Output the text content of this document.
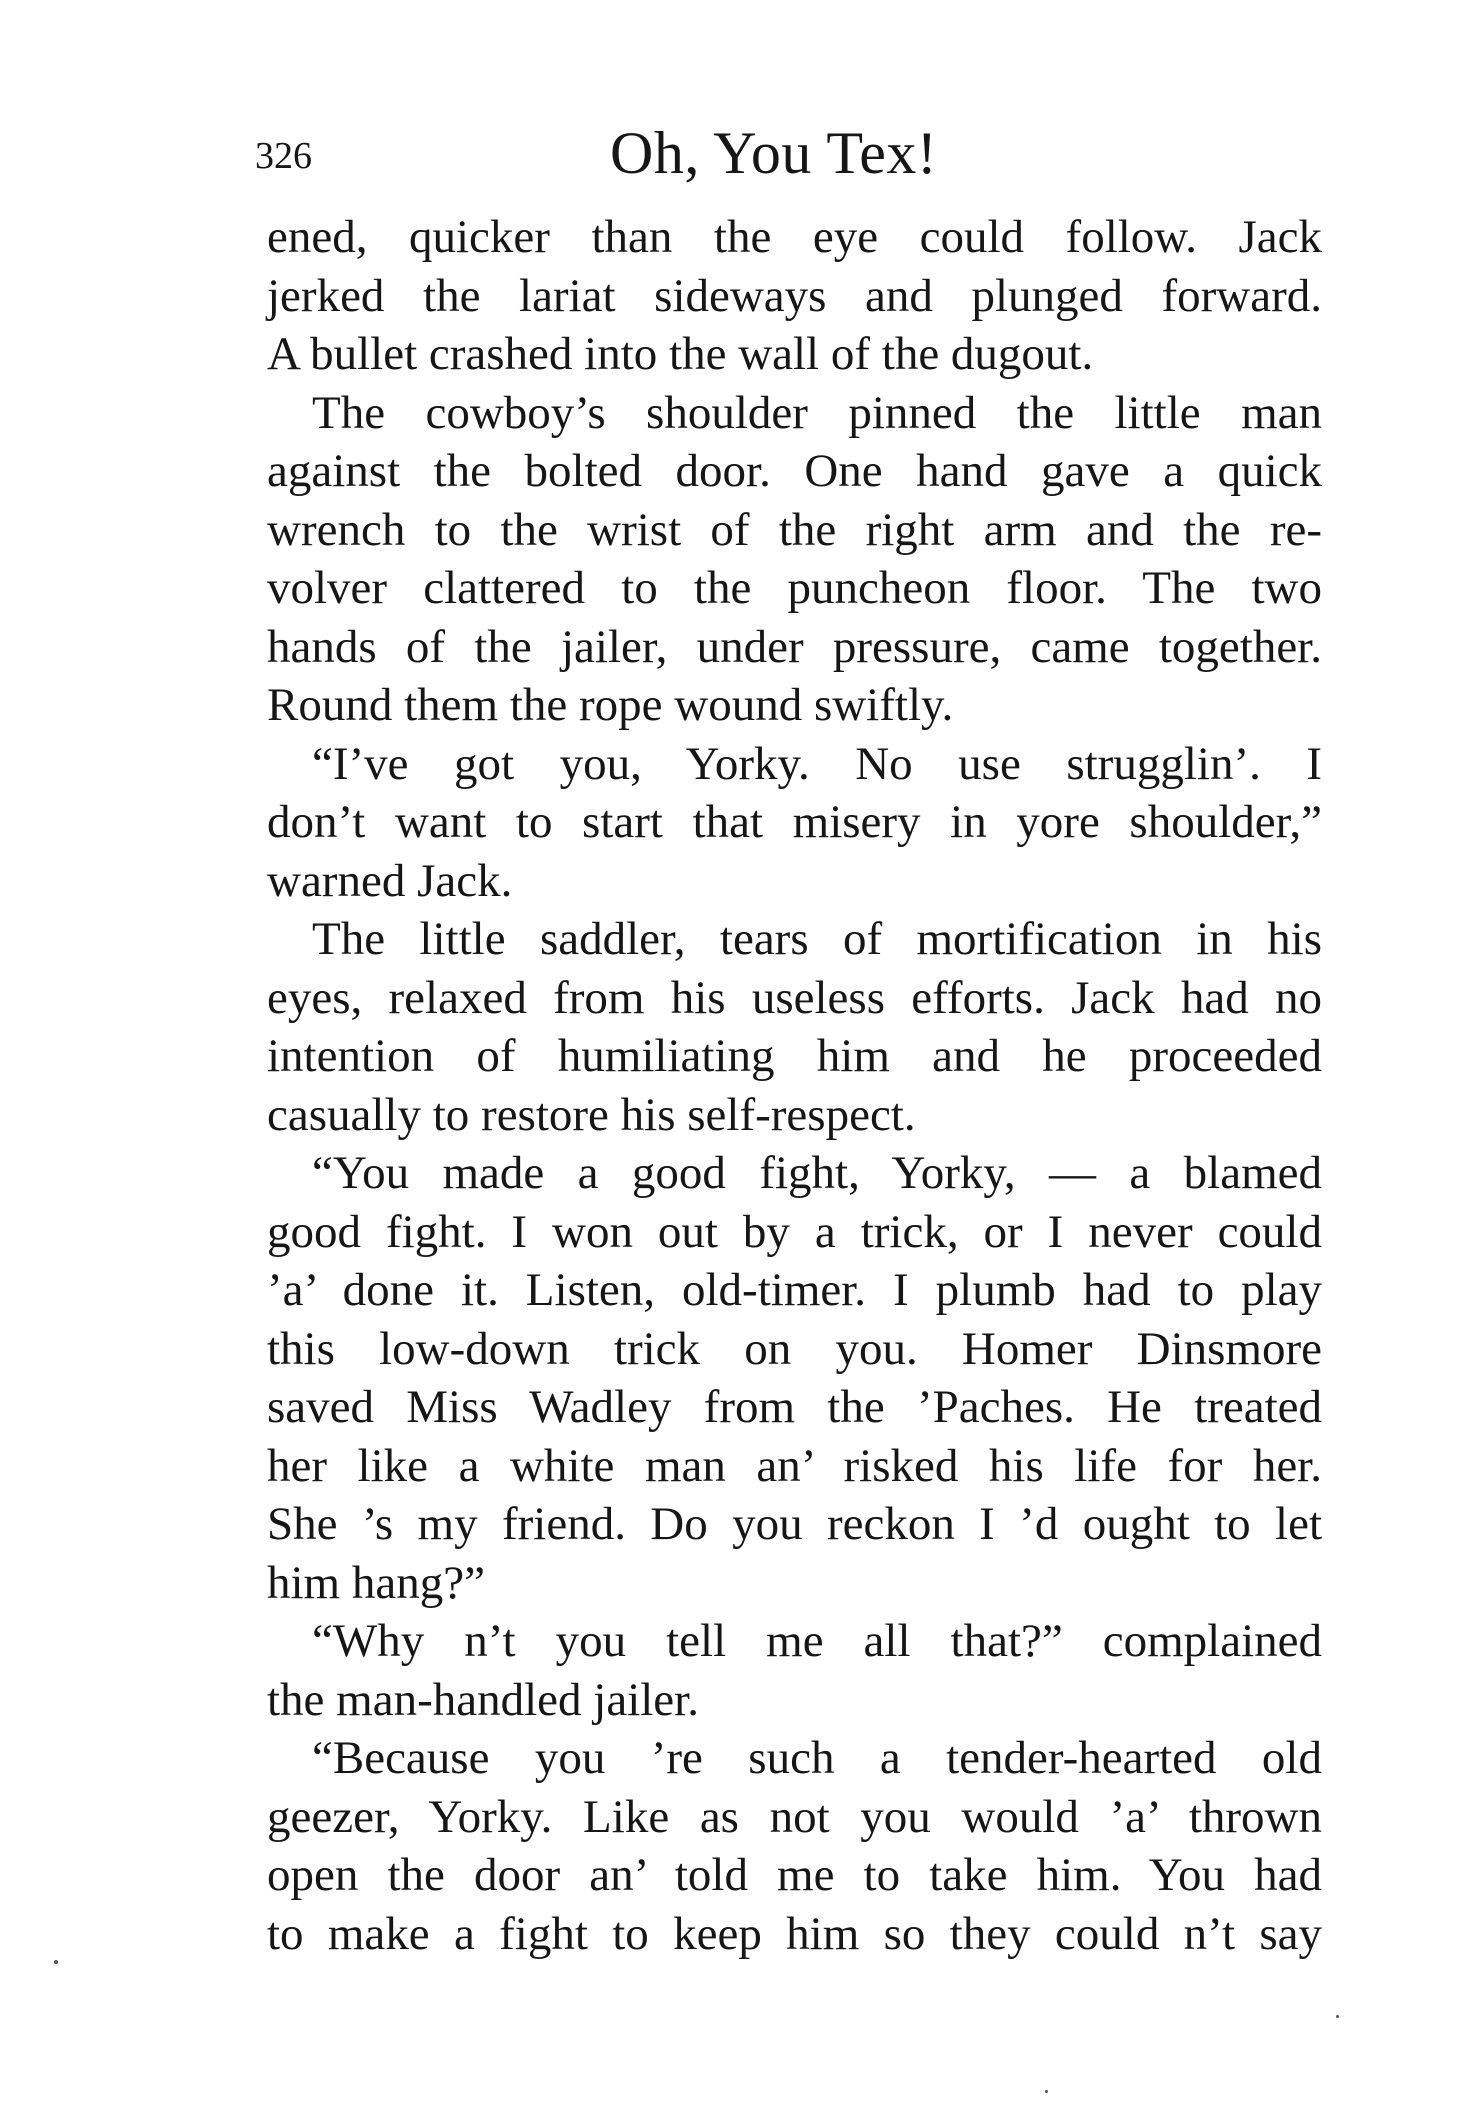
326	Oh, You Tex!
ened, quicker than the eye could follow. Jack
jerked the lariat sideways and plunged forward.
A bullet crashed into the wall of the dugout.
The cowboy’s shoulder pinned the little man
against the bolted door. One hand gave a quick
wrench to the wrist of the right arm and the re-
volver clattered to the puncheon floor. The two
hands of the jailer, under pressure, came together.
Round them the rope wound swiftly.
“I’ve got you, Yorky. No use strugglin’. I
don’t want to start that misery in yore shoulder,”
warned Jack.
The little saddler, tears of mortification in his
eyes, relaxed from his useless efforts. Jack had no
intention of humiliating him and he proceeded
casually to restore his self-respect.
“You made a good fight, Yorky, — a blamed
good fight. I won out by a trick, or I never could
’a’ done it. Listen, old-timer. I plumb had to play
this low-down trick on you. Homer Dinsmore
saved Miss Wadley from the ’Paches. He treated
her like a white man an’ risked his life for her.
She ’s my friend. Do you reckon I ’d ought to let
him hang?”
“Why n’t you tell me all that?” complained
the man-handled jailer.
“Because you ’re such a tender-hearted old
geezer, Yorky. Like as not you would ’a’ thrown
open the door an’ told me to take him. You had
to make a fight to keep him so they could n’t say
